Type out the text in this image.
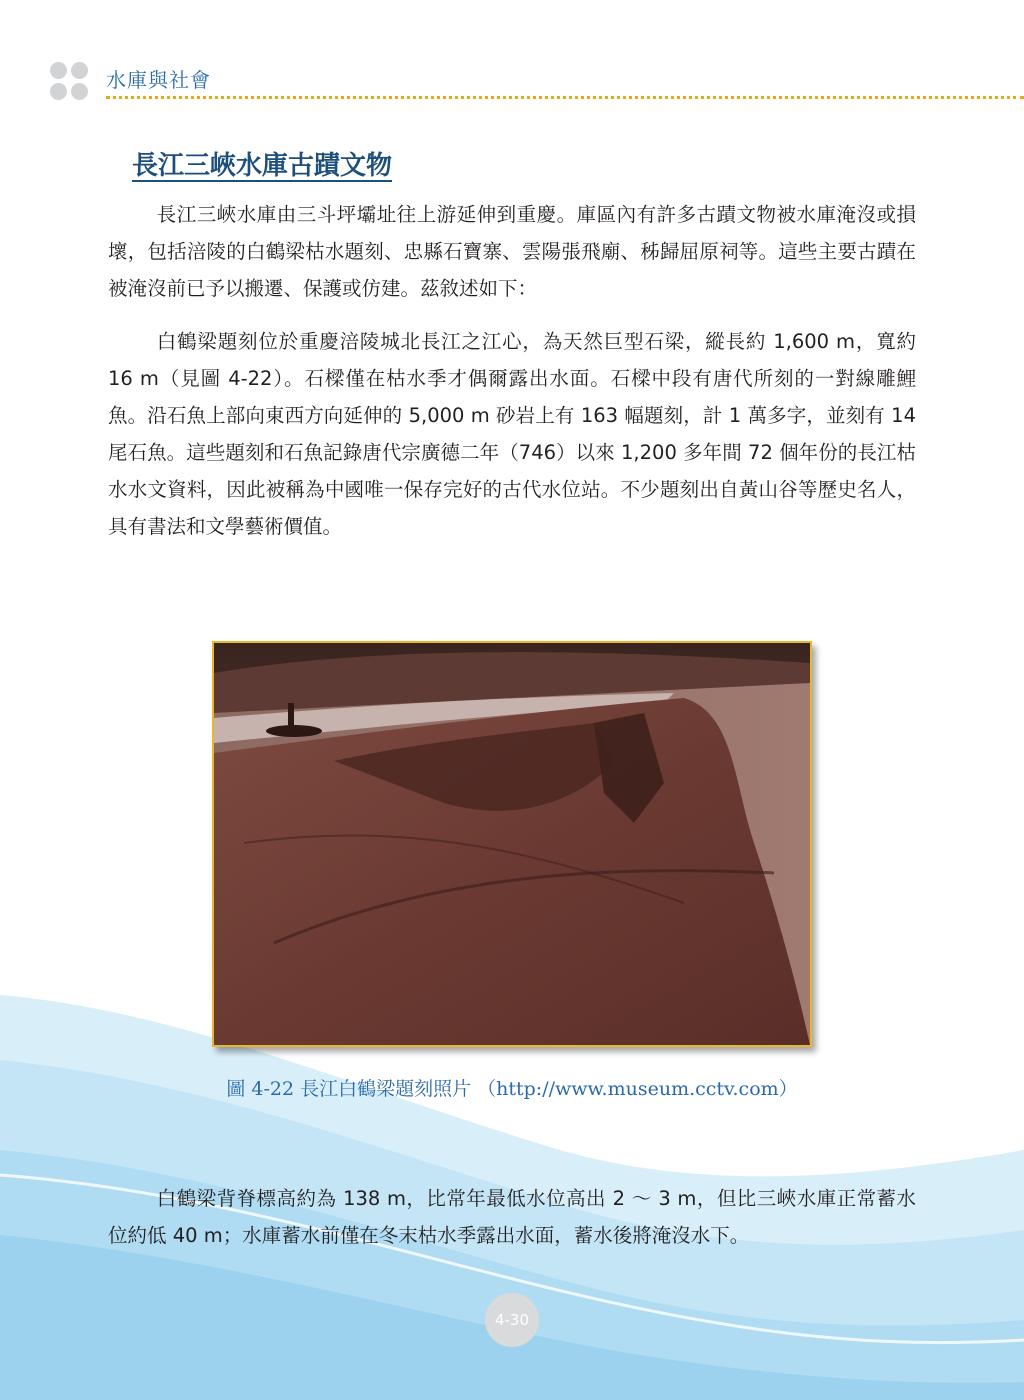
水庫與社會
長江三峽水庫古蹟文物

長江三峽水庫由三斗坪壩址往上游延伸到重慶。庫區內有許多古蹟文物被水庫淹沒或損壞，包括涪陵的白鶴梁枯水題刻、忠縣石寶寨、雲陽張飛廟、秭歸屈原祠等。這些主要古蹟在被淹沒前已予以搬遷、保護或仿建。茲敘述如下：

白鶴梁題刻位於重慶涪陵城北長江之江心，為天然巨型石梁，縱長約 1,600 m，寬約 16 m（見圖 4-22）。石樑僅在枯水季才偶爾露出水面。石樑中段有唐代所刻的一對線雕鯉魚。沿石魚上部向東西方向延伸的 5,000 m 砂岩上有 163 幅題刻，計 1 萬多字，並刻有 14 尾石魚。這些題刻和石魚記錄唐代宗廣德二年（746）以來 1,200 多年間 72 個年份的長江枯水水文資料，因此被稱為中國唯一保存完好的古代水位站。不少題刻出自黃山谷等歷史名人，具有書法和文學藝術價值。

圖 4-22 長江白鶴梁題刻照片 （http://www.museum.cctv.com）

白鶴梁背脊標高約為 138 m，比常年最低水位高出 2 ～ 3 m，但比三峽水庫正常蓄水位約低 40 m；水庫蓄水前僅在冬末枯水季露出水面，蓄水後將淹沒水下。

4-30
